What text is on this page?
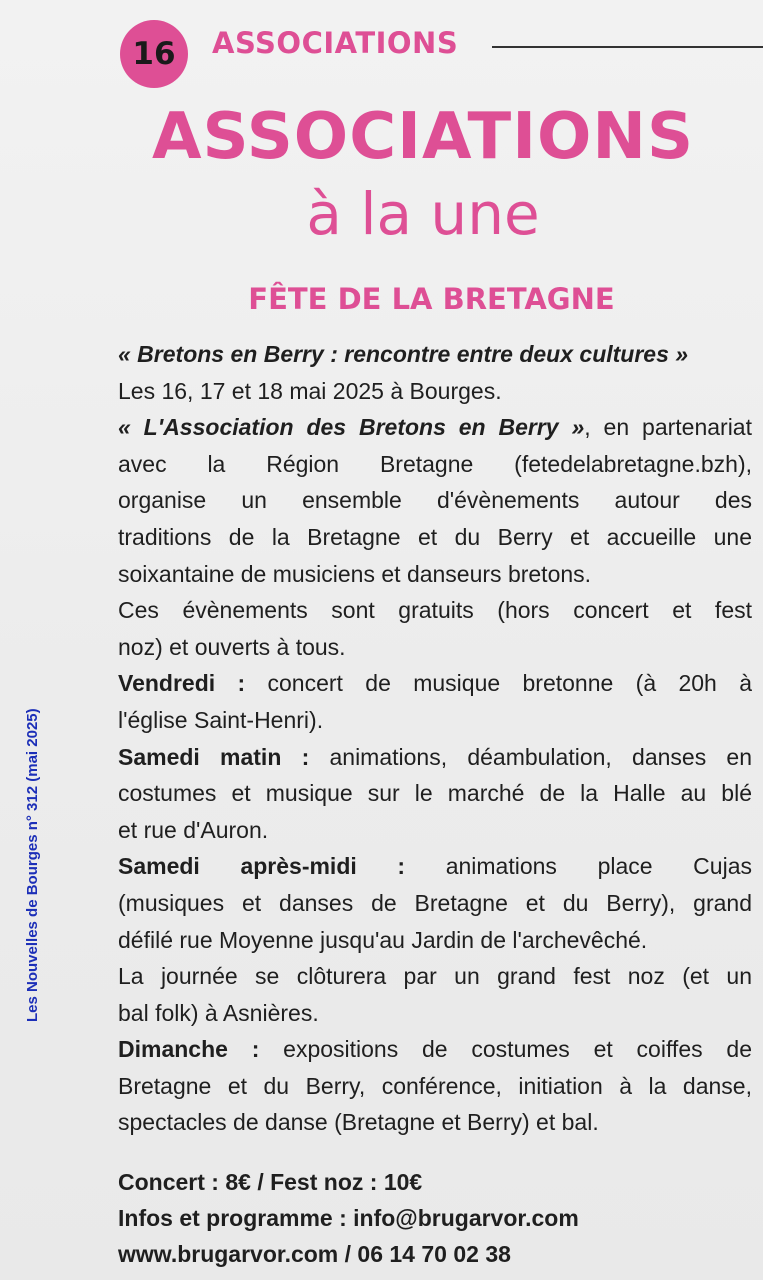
Les Nouvelles de Bourges n° 312 (mai 2025)
16	ASSOCIATIONS
ASSOCIATIONS
à la une
FÊTE DE LA BRETAGNE
« Bretons en Berry : rencontre entre deux cultures »
Les 16, 17 et 18 mai 2025 à Bourges.
« L'Association des Bretons en Berry », en partenariat
avec la Région Bretagne (fetedelabretagne.bzh),
organise un ensemble d'évènements autour des
traditions de la Bretagne et du Berry et accueille une
soixantaine de musiciens et danseurs bretons.
Ces évènements sont gratuits (hors concert et fest
noz) et ouverts à tous.
Vendredi : concert de musique bretonne (à 20h à
l'église Saint-Henri).
Samedi matin : animations, déambulation, danses en
costumes et musique sur le marché de la Halle au blé
et rue d'Auron.
Samedi après-midi : animations place Cujas
(musiques et danses de Bretagne et du Berry), grand
défilé rue Moyenne jusqu'au Jardin de l'archevêché.
La journée se clôturera par un grand fest noz (et un
bal folk) à Asnières.
Dimanche : expositions de costumes et coiffes de
Bretagne et du Berry, conférence, initiation à la danse,
spectacles de danse (Bretagne et Berry) et bal.
Concert : 8€ / Fest noz : 10€
Infos et programme : info@brugarvor.com
www.brugarvor.com / 06 14 70 02 38
